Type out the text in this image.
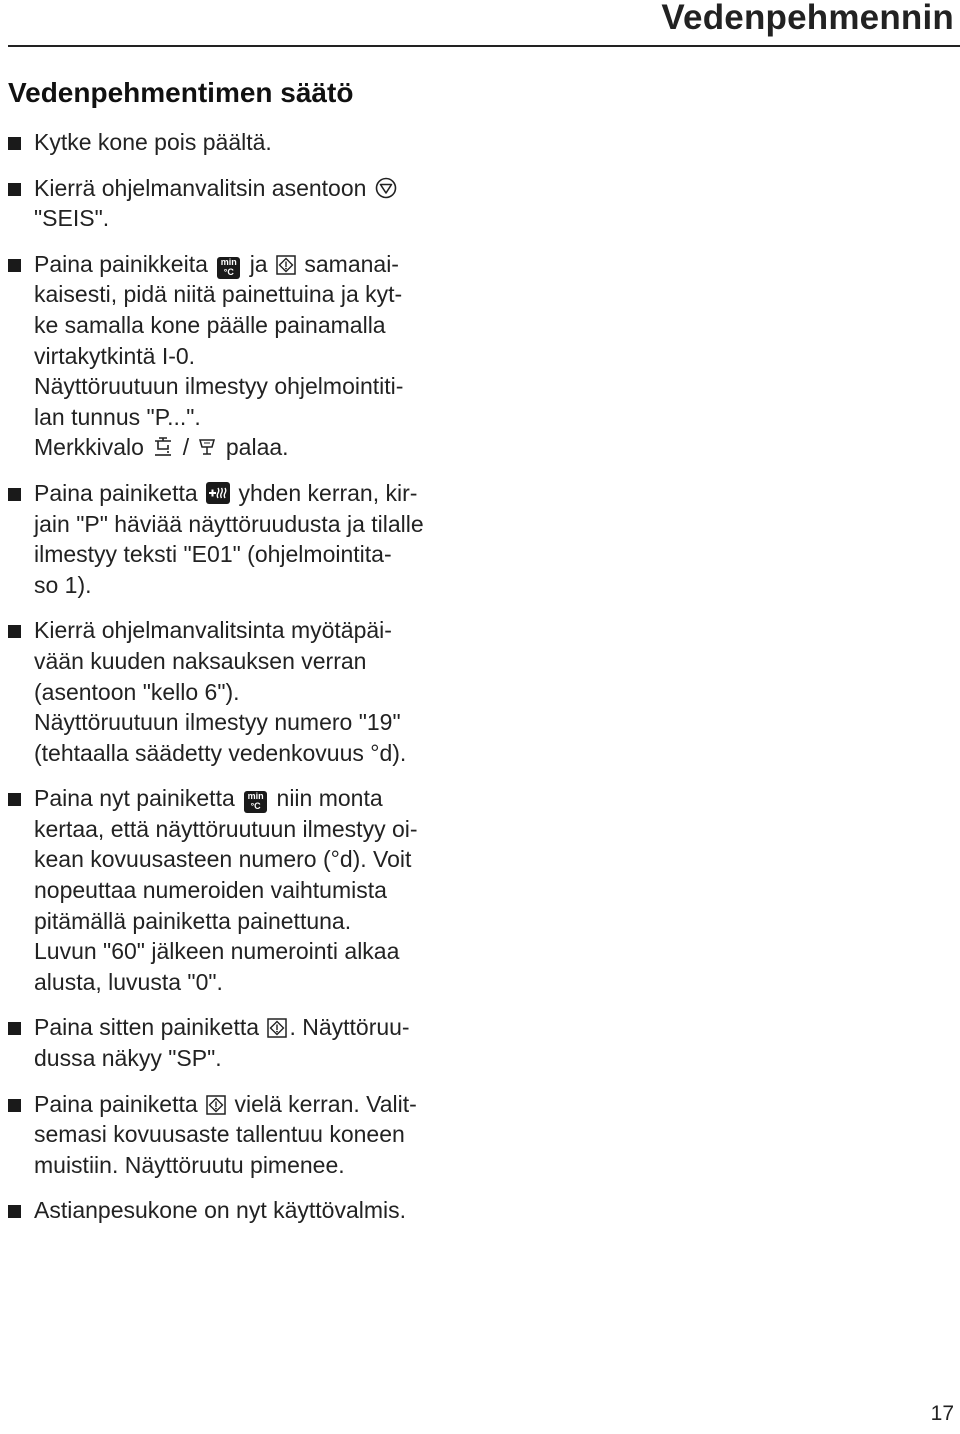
Vedenpehmennin
Vedenpehmentimen säätö
Kytke kone pois päältä.
Kierrä ohjelmanvalitsin asentoon
"SEIS".
Paina painikkeita	min
°C ja samanai-
kaisesti, pidä niitä painettuina ja kyt-
ke samalla kone päälle painamalla
virtakytkintä I-0.
Näyttöruutuun ilmestyy ohjelmointiti-
lan tunnus "P...".
Merkkivalo / palaa.
Paina painiketta yhden kerran, kir-
jain "P" häviää näyttöruudusta ja tilalle
ilmestyy teksti "E01" (ohjelmointita-
so 1).
Kierrä ohjelmanvalitsinta myötäpäi-
vään kuuden naksauksen verran
(asentoon "kello 6").
Näyttöruutuun ilmestyy numero "19"
(tehtaalla säädetty vedenkovuus °d).
Paina nyt painiketta	min
°C niin monta
kertaa, että näyttöruutuun ilmestyy oi-
kean kovuusasteen numero (°d). Voit
nopeuttaa numeroiden vaihtumista
pitämällä painiketta painettuna.
Luvun "60" jälkeen numerointi alkaa
alusta, luvusta "0".
Paina sitten painiketta . Näyttöruu-
dussa näkyy "SP".
Paina painiketta vielä kerran. Valit-
semasi kovuusaste tallentuu koneen
muistiin. Näyttöruutu pimenee.
Astianpesukone on nyt käyttövalmis.
17
